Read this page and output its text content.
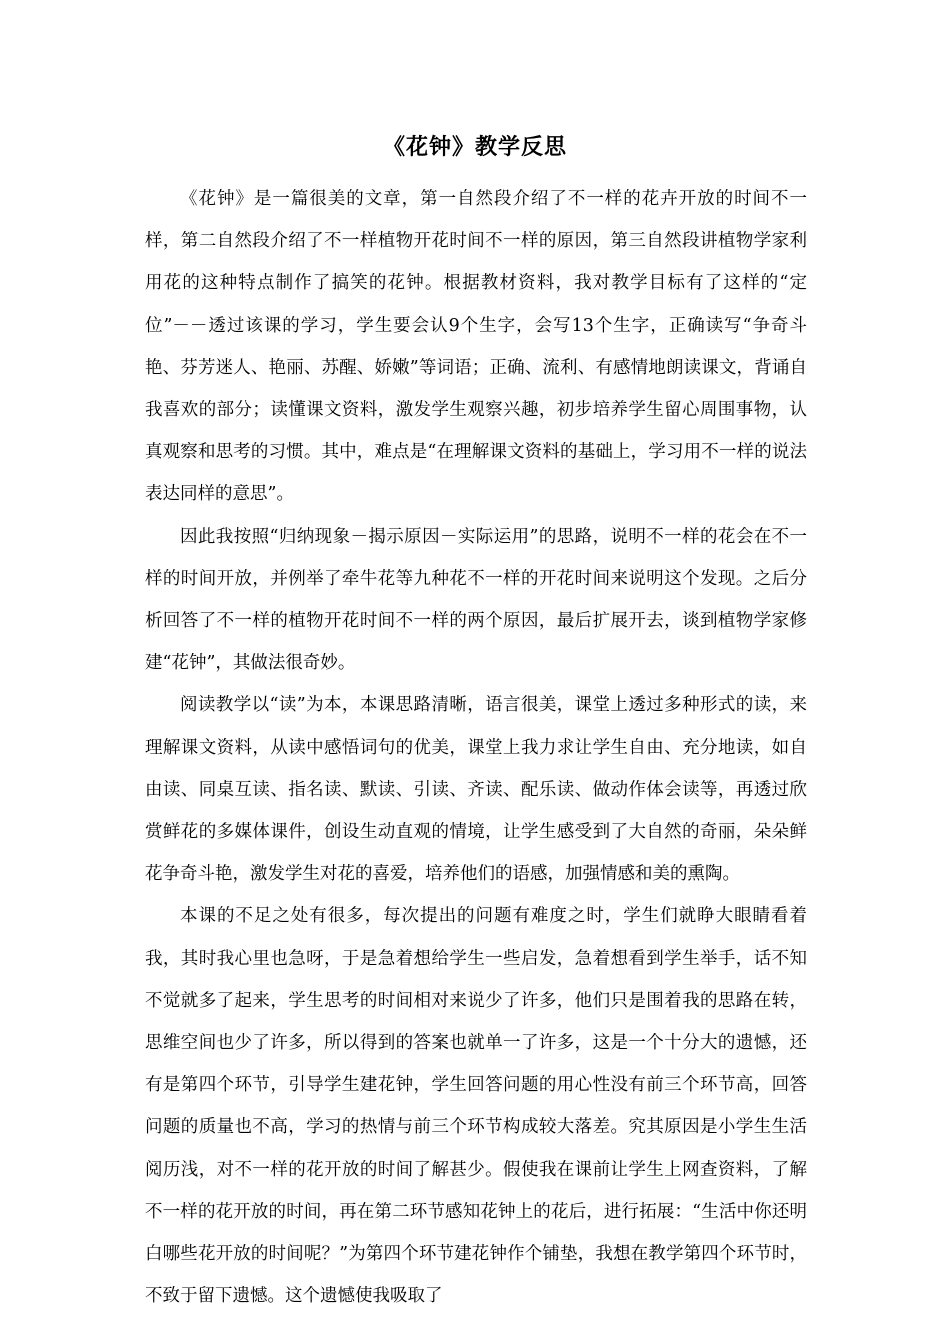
《花钟》教学反思

《花钟》是一篇很美的文章，第一自然段介绍了不一样的花卉开放的时间不一样，第二自然段介绍了不一样植物开花时间不一样的原因，第三自然段讲植物学家利用花的这种特点制作了搞笑的花钟。根据教材资料，我对教学目标有了这样的“定位”－－透过该课的学习，学生要会认9个生字，会写13个生字，正确读写“争奇斗艳、芬芳迷人、艳丽、苏醒、娇嫩”等词语；正确、流利、有感情地朗读课文，背诵自我喜欢的部分；读懂课文资料，激发学生观察兴趣，初步培养学生留心周围事物，认真观察和思考的习惯。其中，难点是“在理解课文资料的基础上，学习用不一样的说法表达同样的意思”。

因此我按照“归纳现象－揭示原因－实际运用”的思路，说明不一样的花会在不一样的时间开放，并例举了牵牛花等九种花不一样的开花时间来说明这个发现。之后分析回答了不一样的植物开花时间不一样的两个原因，最后扩展开去，谈到植物学家修建“花钟”，其做法很奇妙。

阅读教学以“读”为本，本课思路清晰，语言很美，课堂上透过多种形式的读，来理解课文资料，从读中感悟词句的优美，课堂上我力求让学生自由、充分地读，如自由读、同桌互读、指名读、默读、引读、齐读、配乐读、做动作体会读等，再透过欣赏鲜花的多媒体课件，创设生动直观的情境，让学生感受到了大自然的奇丽，朵朵鲜花争奇斗艳，激发学生对花的喜爱，培养他们的语感，加强情感和美的熏陶。

本课的不足之处有很多，每次提出的问题有难度之时，学生们就睁大眼睛看着我，其时我心里也急呀，于是急着想给学生一些启发，急着想看到学生举手，话不知不觉就多了起来，学生思考的时间相对来说少了许多，他们只是围着我的思路在转，思维空间也少了许多，所以得到的答案也就单一了许多，这是一个十分大的遗憾，还有是第四个环节，引导学生建花钟，学生回答问题的用心性没有前三个环节高，回答问题的质量也不高，学习的热情与前三个环节构成较大落差。究其原因是小学生生活阅历浅，对不一样的花开放的时间了解甚少。假使我在课前让学生上网查资料，了解不一样的花开放的时间，再在第二环节感知花钟上的花后，进行拓展：“生活中你还明白哪些花开放的时间呢？”为第四个环节建花钟作个铺垫，我想在教学第四个环节时，不致于留下遗憾。这个遗憾使我吸取了
